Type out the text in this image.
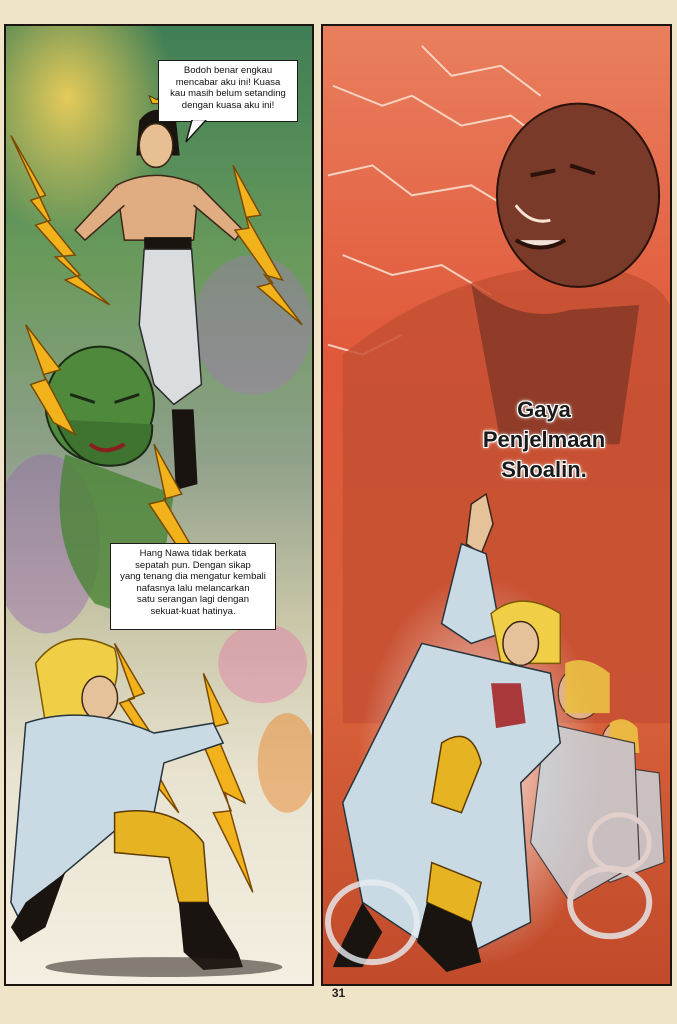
Bodoh benar engkau
mencabar aku ini! Kuasa
kau masih belum setanding
dengan kuasa aku ini!
Hang Nawa tidak berkata
sepatah pun. Dengan sikap
yang tenang dia mengatur kembali
nafasnya lalu melancarkan
satu serangan lagi dengan
sekuat-kuat hatinya.
Gaya
Penjelmaan
Shoalin.
31
